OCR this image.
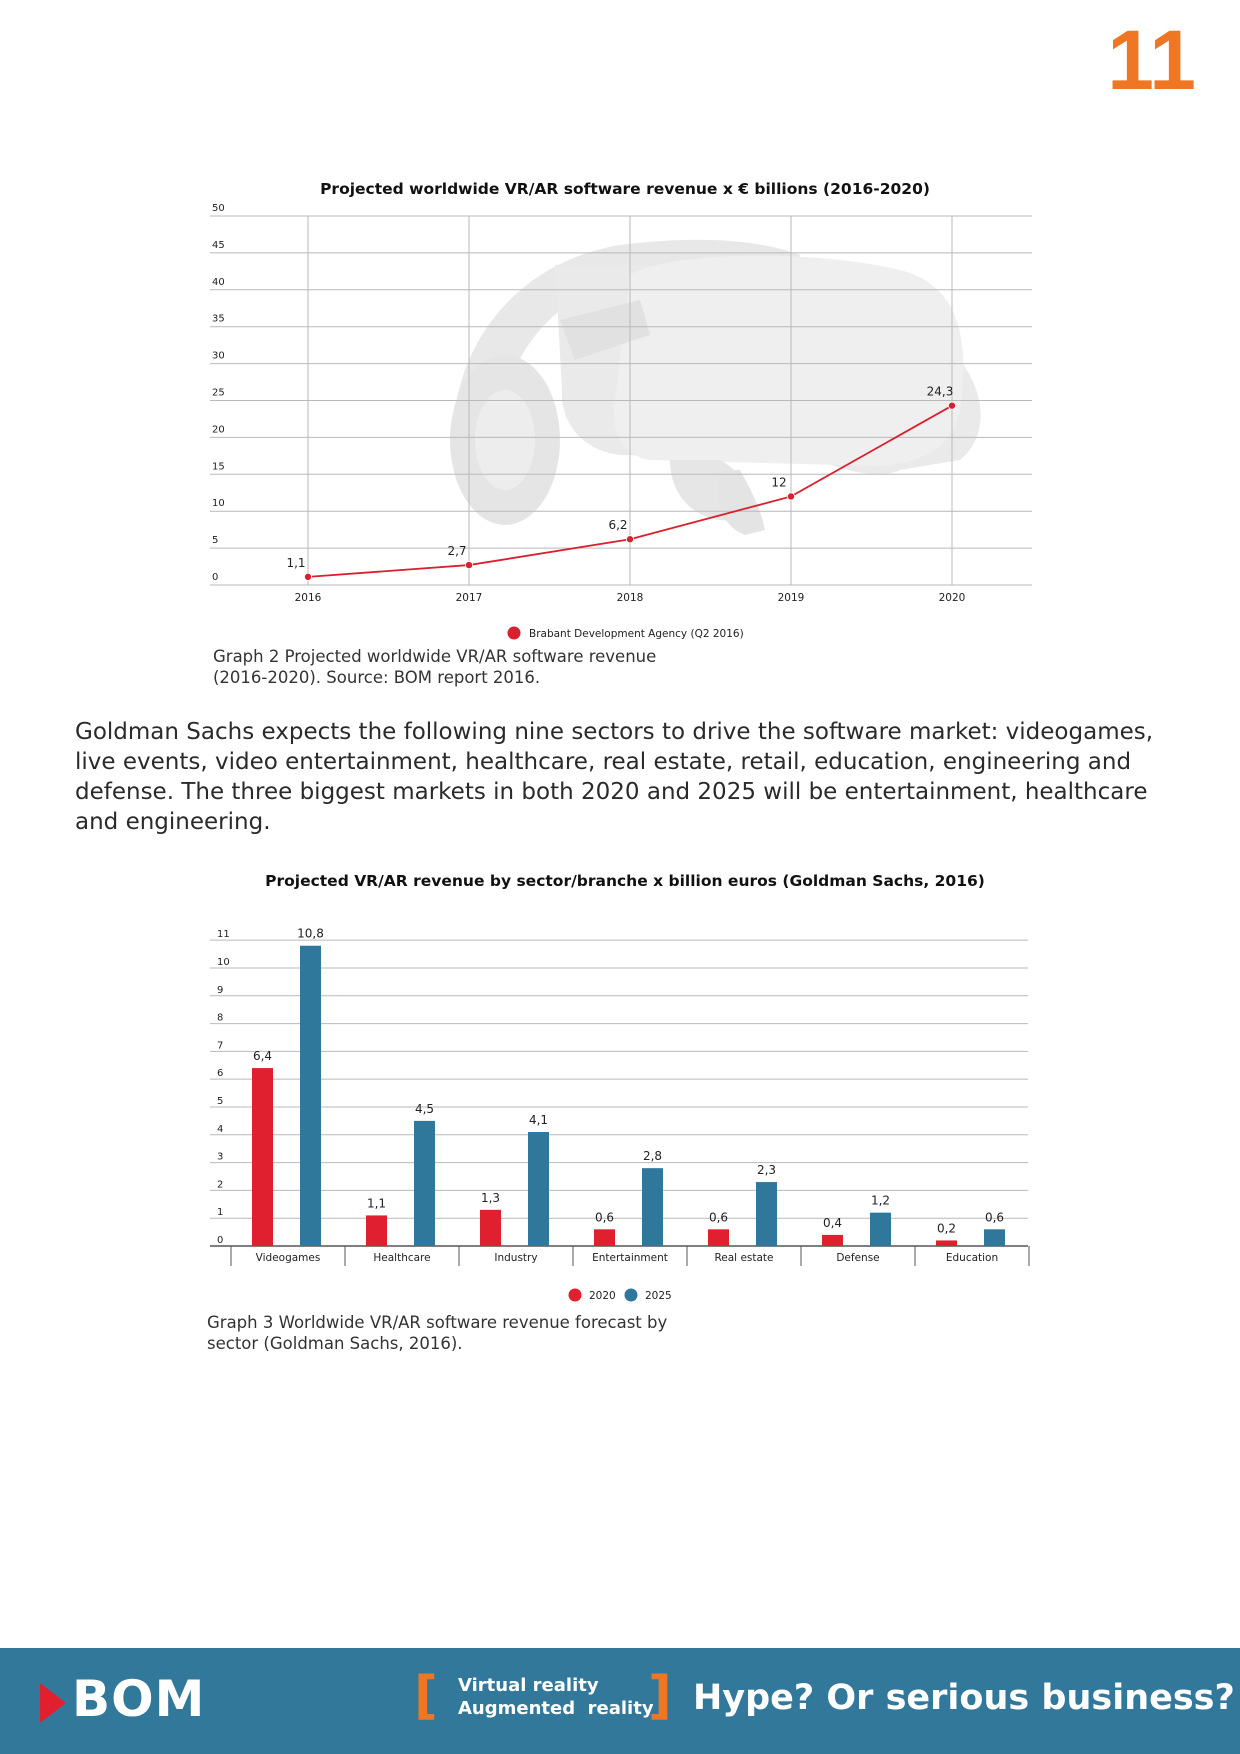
11
0
5
10
15
20
25
30
35
40
45
50
2016	2017	2018	2019	2020
1,1
2,7
6,2
12
24,3
Projected worldwide VR/AR software revenue x € billions (2016-2020)
Brabant Development Agency (Q2 2016)
Graph 2 Projected worldwide VR/AR software revenue
(2016-2020). Source: BOM report 2016.
Goldman Sachs expects the following nine sectors to drive the software market: videogames, live events, video entertainment, healthcare, real estate, retail, education, engineering and defense. The three biggest markets in both 2020 and 2025 will be entertainment, healthcare and engineering.
0
1
2
3
4
5
6
7
8
9
10
11
Videogames	Healthcare	Industry	Entertainment	Real estate	Defense	Education
6,4
10,8
1,1
4,5
1,3
4,1
0,6
2,8
0,6
2,3
0,4
1,2
0,2
0,6
Projected VR/AR revenue by sector/branche x billion euros (Goldman Sachs, 2016)
2020	2025
Graph 3 Worldwide VR/AR software revenue forecast by
sector (Goldman Sachs, 2016).
BOM	[ Virtual reality
Augmented  reality
] Hype? Or serious business?
